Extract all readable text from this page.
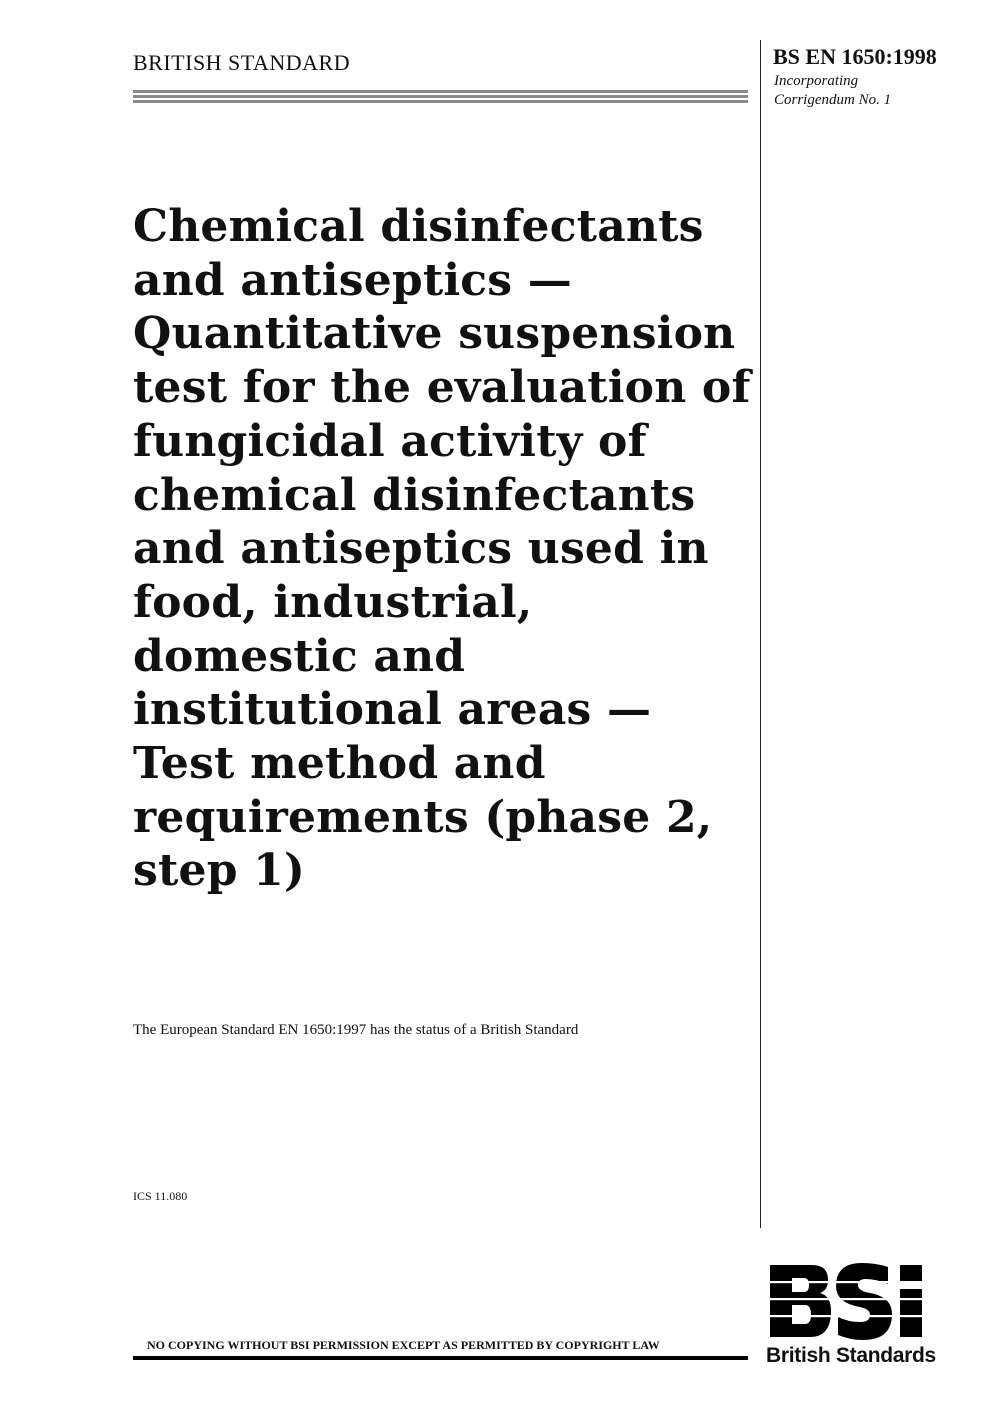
BRITISH STANDARD	BS EN 1650:1998
Incorporating
Corrigendum No. 1
Chemical disinfectants and antiseptics — Quantitative suspension test for the evaluation of fungicidal activity of chemical disinfectants and antiseptics used in food, industrial, domestic and institutional areas — Test method and requirements (phase 2, step 1)
The European Standard EN 1650:1997 has the status of a British Standard
ICS 11.080
NO COPYING WITHOUT BSI PERMISSION EXCEPT AS PERMITTED BY COPYRIGHT LAW	British Standards
